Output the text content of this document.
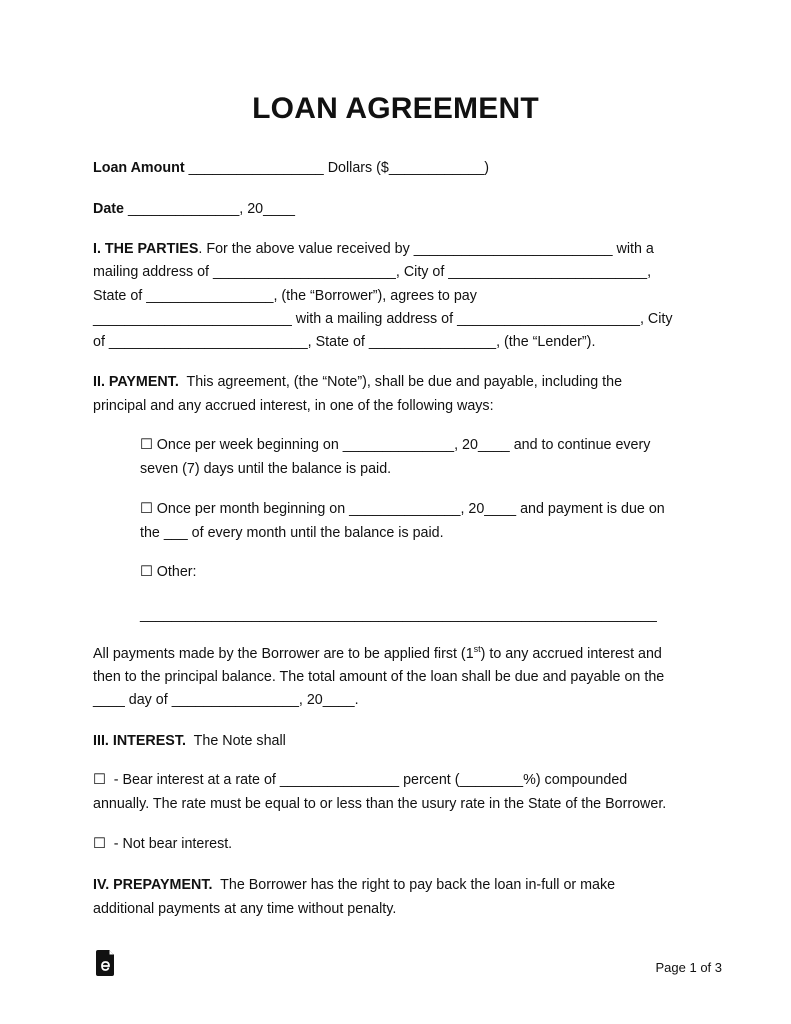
LOAN AGREEMENT
Loan Amount _________________ Dollars ($____________)
Date ______________, 20____
I. THE PARTIES. For the above value received by _________________________ with a
mailing address of _______________________, City of _________________________,
State of ________________, (the “Borrower”), agrees to pay
_________________________ with a mailing address of _______________________, City
of _________________________, State of ________________, (the “Lender”).
II. PAYMENT.  This agreement, (the “Note”), shall be due and payable, including the
principal and any accrued interest, in one of the following ways:
☐ Once per week beginning on ______________, 20____ and to continue every
seven (7) days until the balance is paid.
☐ Once per month beginning on ______________, 20____ and payment is due on
the ___ of every month until the balance is paid.
☐ Other:
_________________________________________________________________
All payments made by the Borrower are to be applied first (1st) to any accrued interest and
then to the principal balance. The total amount of the loan shall be due and payable on the
____ day of ________________, 20____.
III. INTEREST.  The Note shall
☐  - Bear interest at a rate of _______________ percent (________%) compounded
annually. The rate must be equal to or less than the usury rate in the State of the Borrower.
☐  - Not bear interest.
IV. PREPAYMENT.  The Borrower has the right to pay back the loan in-full or make
additional payments at any time without penalty.
Page 1 of 3
